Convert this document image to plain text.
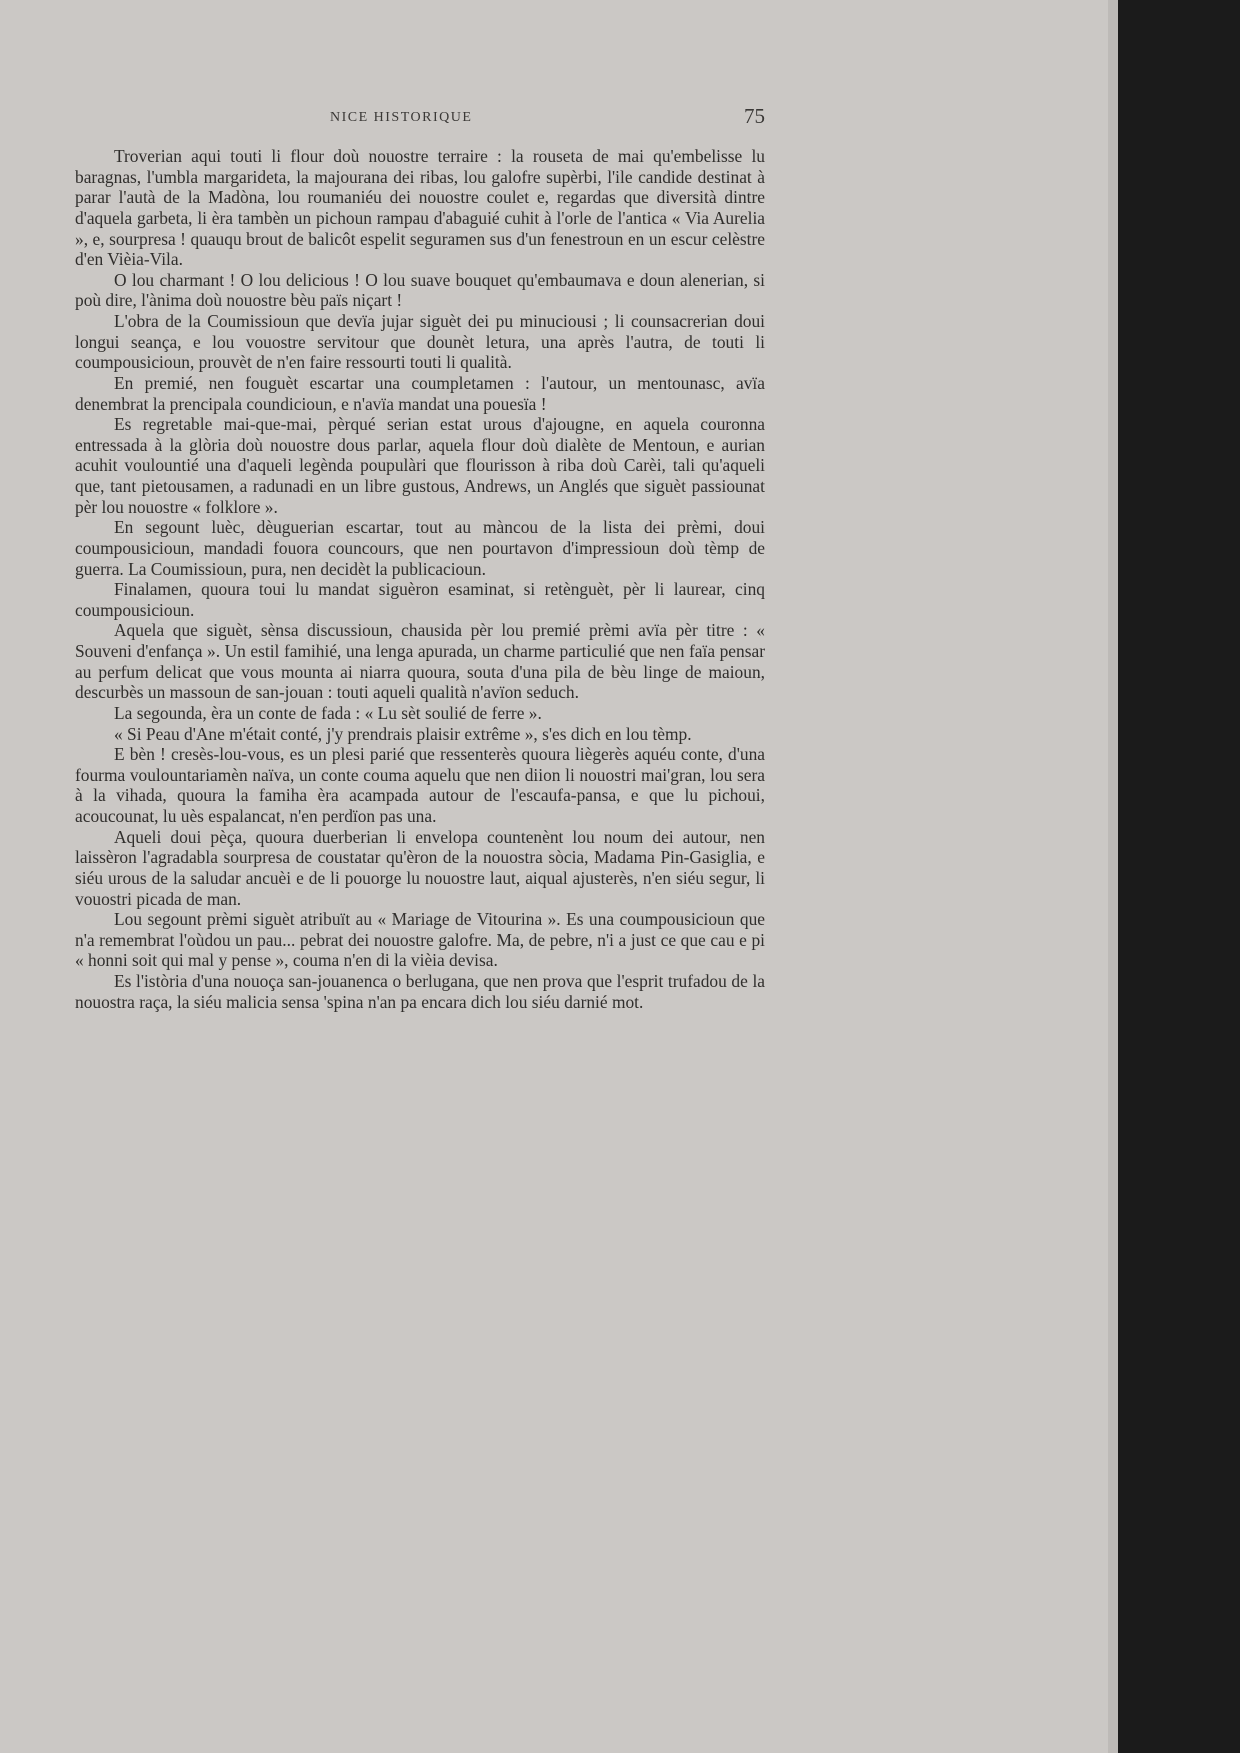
NICE HISTORIQUE	75

Troverian aqui touti li flour doù nouostre terraire : la rouseta de mai qu'embelisse lu baragnas, l'umbla margarideta, la majourana dei ribas, lou galofre supèrbi, l'ile candide destinat à parar l'autà de la Madòna, lou roumaniéu dei nouostre coulet e, regardas que diversità dintre d'aquela garbeta, li èra tambèn un pichoun rampau d'abaguié cuhit à l'orle de l'antica « Via Aurelia », e, sourpresa ! quauqu brout de balicôt espelit seguramen sus d'un fenestroun en un escur celèstre d'en Vièia-Vila.

O lou charmant ! O lou delicious ! O lou suave bouquet qu'embaumava e doun alenerian, si poù dire, l'ànima doù nouostre bèu païs niçart !

L'obra de la Coumissioun que devïa jujar siguèt dei pu minuciousi ; li counsacrerian doui longui seança, e lou vouostre servitour que dounèt letura, una après l'autra, de touti li coumpousicioun, prouvèt de n'en faire ressourti touti li qualità.

En premié, nen fouguèt escartar una coumpletamen : l'autour, un mentounasc, avïa denembrat la prencipala coundicioun, e n'avïa mandat una pouesïa !

Es regretable mai-que-mai, pèrqué serian estat urous d'ajougne, en aquela couronna entressada à la glòria doù nouostre dous parlar, aquela flour doù dialète de Mentoun, e aurian acuhit voulountié una d'aqueli legènda poupulàri que flourisson à riba doù Carèi, tali qu'aqueli que, tant pietousamen, a radunadi en un libre gustous, Andrews, un Anglés que siguèt passiounat pèr lou nouostre « folklore ».

En segount luèc, dèuguerian escartar, tout au màncou de la lista dei prèmi, doui coumpousicioun, mandadi fouora councours, que nen pourtavon d'impressioun doù tèmp de guerra. La Coumissioun, pura, nen decidèt la publicacioun.

Finalamen, quoura toui lu mandat siguèron esaminat, si retènguèt, pèr li laurear, cinq coumpousicioun.

Aquela que siguèt, sènsa discussioun, chausida pèr lou premié prèmi avïa pèr titre : « Souveni d'enfança ». Un estil famihié, una lenga apurada, un charme particulié que nen faïa pensar au perfum delicat que vous mounta ai niarra quoura, souta d'una pila de bèu linge de maioun, descurbès un massoun de san-jouan : touti aqueli qualità n'avïon seduch.

La segounda, èra un conte de fada : « Lu sèt soulié de ferre ».

« Si Peau d'Ane m'était conté, j'y prendrais plaisir extrême », s'es dich en lou tèmp.

E bèn ! cresès-lou-vous, es un plesi parié que ressenterès quoura liègerès aquéu conte, d'una fourma voulountariamèn naïva, un conte couma aquelu que nen diion li nouostri mai'gran, lou sera à la vihada, quoura la famiha èra acampada autour de l'escaufa-pansa, e que lu pichoui, acoucounat, lu uès espalancat, n'en perdïon pas una.

Aqueli doui pèça, quoura duerberian li envelopa countenènt lou noum dei autour, nen laissèron l'agradabla sourpresa de coustatar qu'èron de la nouostra sòcia, Madama Pin-Gasiglia, e siéu urous de la saludar ancuèi e de li pouorge lu nouostre laut, aiqual ajusterès, n'en siéu segur, li vouostri picada de man.

Lou segount prèmi siguèt atribuït au « Mariage de Vitourina ». Es una coumpousicioun que n'a remembrat l'oùdou un pau... pebrat dei nouostre galofre. Ma, de pebre, n'i a just ce que cau e pi « honni soit qui mal y pense », couma n'en di la vièia devisa.

Es l'istòria d'una nouoça san-jouanenca o berlugana, que nen prova que l'esprit trufadou de la nouostra raça, la siéu malicia sensa 'spina n'an pa encara dich lou siéu darnié mot.
